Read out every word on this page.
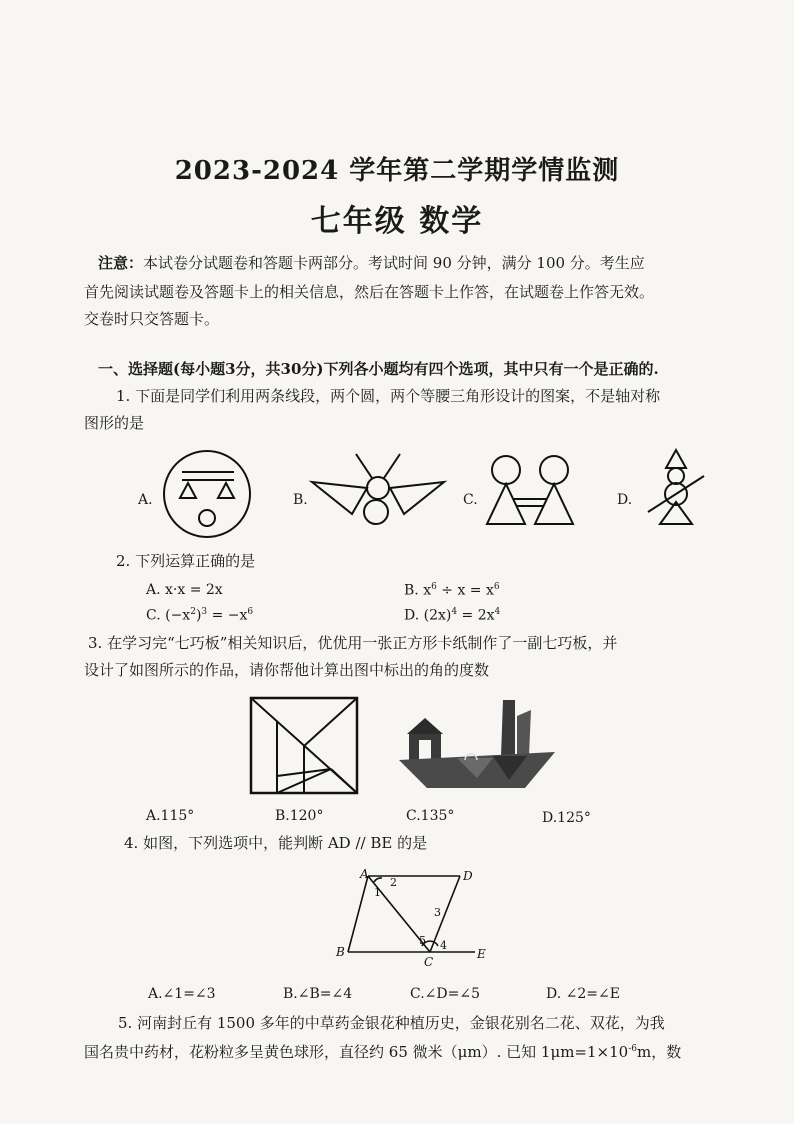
2023-2024 学年第二学期学情监测
七年级 数学
注意：本试卷分试题卷和答题卡两部分。考试时间 90 分钟，满分 100 分。考生应
首先阅读试题卷及答题卡上的相关信息，然后在答题卡上作答，在试题卷上作答无效。
交卷时只交答题卡。
一、选择题(每小题3分，共30分)下列各小题均有四个选项，其中只有一个是正确的.
1. 下面是同学们利用两条线段，两个圆，两个等腰三角形设计的图案，不是轴对称
图形的是
A.	B.	C.	D.
2. 下列运算正确的是
A. x·x = 2x	B. $x^6 \div x = x^6$
C. $(-x^2)^3 = -x^6$	D. $(2x)^4 = 2x^4$
3. 在学习完“七巧板”相关知识后，优优用一张正方形卡纸制作了一副七巧板，并
设计了如图所示的作品，请你帮他计算出图中标出的角的度数
A.115°	B.120°	C.135°	D.125°
4. 如图，下列选项中，能判断 AD // BE 的是
A	D
B
C
E
1
2
3
4
5
A.∠1=∠3	B.∠B=∠4	C.∠D=∠5	D. ∠2=∠E
5. 河南封丘有 1500 多年的中草药金银花种植历史，金银花别名二花、双花，为我
国名贵中药材，花粉粒多呈黄色球形，直径约 65 微米（μm）. 已知 $1\mu m=1\times 10^{-6}m$，数
